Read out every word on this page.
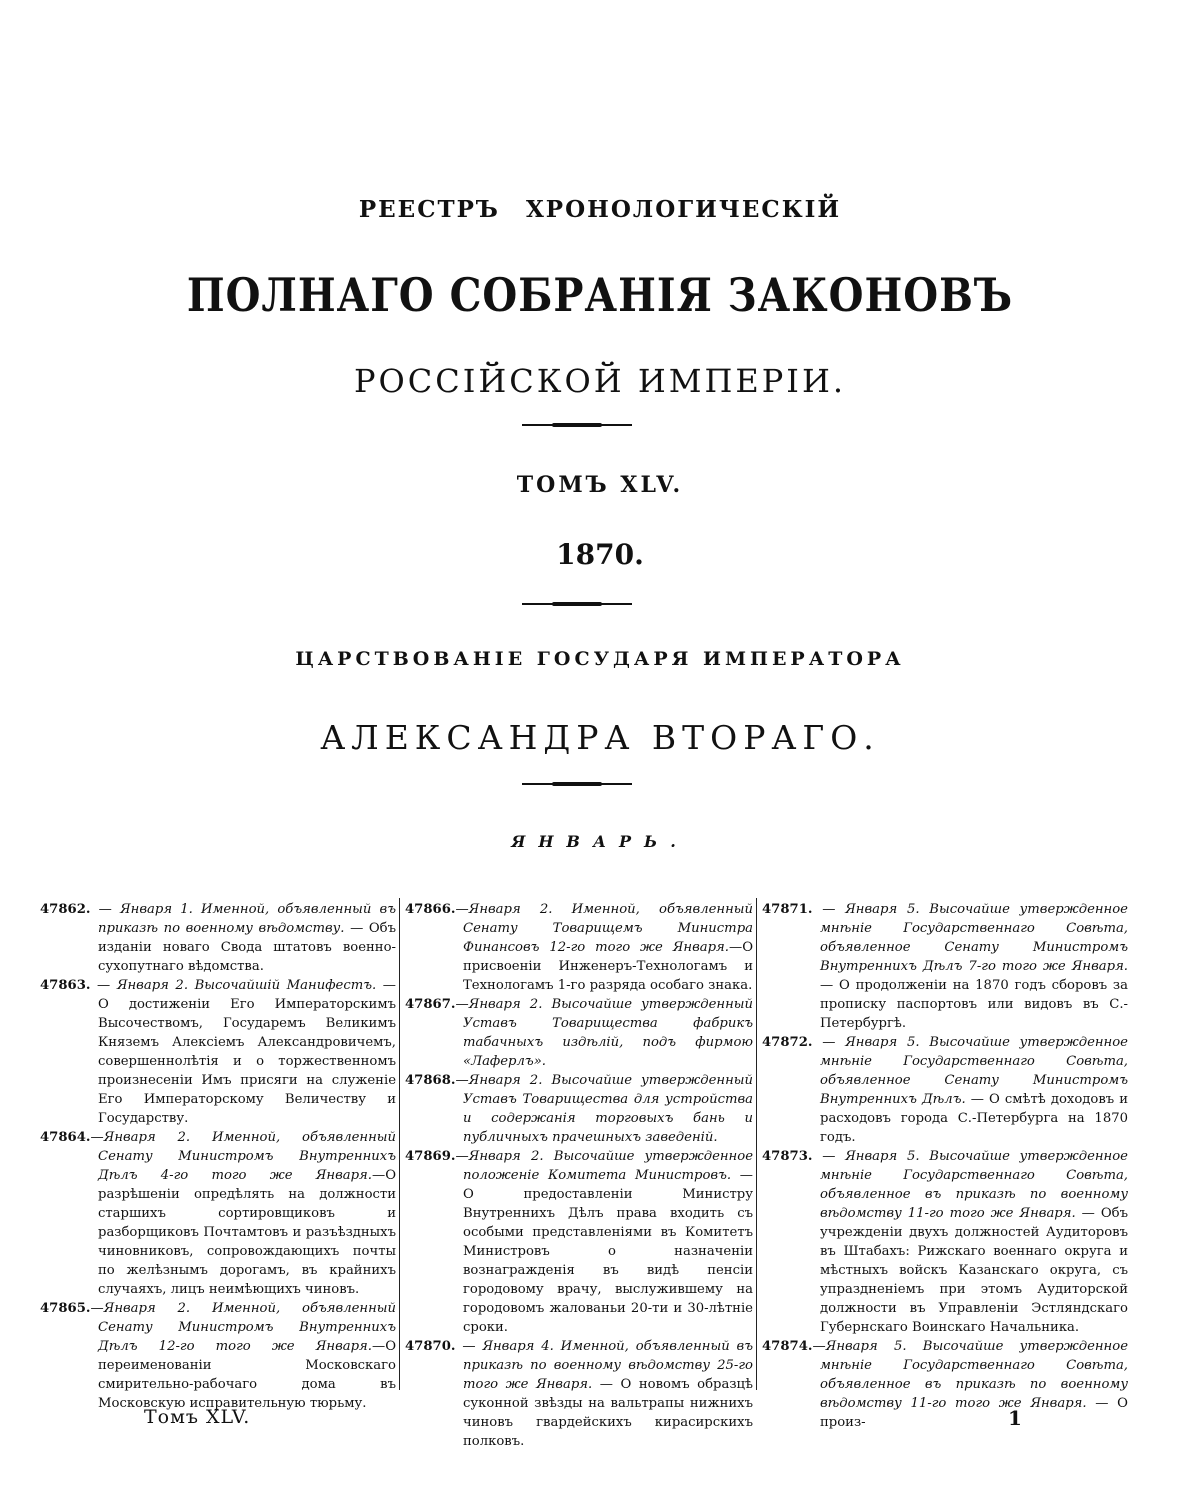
РЕЕСТРЪ ХРОНОЛОГИЧЕСКІЙ
ПОЛНАГО СОБРАНІЯ ЗАКОНОВЪ
РОССІЙСКОЙ ИМПЕРІИ.
ТОМЪ XLV.
1870.
ЦАРСТВОВАНІЕ ГОСУДАРЯ ИМПЕРАТОРА
АЛЕКСАНДРА ВТОРАГО.
ЯНВАРЬ.

47862. — Января 1. Именной, объявленный въ приказѣ по военному вѣдомству. — Объ изданіи новаго Свода штатовъ военно-сухопутнаго вѣдомства.

47863. — Января 2. Высочайшій Манифестъ. — О достиженіи Его Императорскимъ Высочествомъ, Государемъ Великимъ Княземъ Алексіемъ Александровичемъ, совершеннолѣтія и о торжественномъ произнесеніи Имъ присяги на служеніе Его Императорскому Величеству и Государству.

47864.—Января 2. Именной, объявленный Сенату Министромъ Внутреннихъ Дѣлъ 4-го того же Января.—О разрѣшеніи опредѣлять на должности старшихъ сортировщиковъ и разборщиковъ Почтамтовъ и разъѣздныхъ чиновниковъ, сопровождающихъ почты по желѣзнымъ дорогамъ, въ крайнихъ случаяхъ, лицъ неимѣющихъ чиновъ.

47865.—Января 2. Именной, объявленный Сенату Министромъ Внутреннихъ Дѣлъ 12-го того же Января.—О переименованіи Московскаго смирительно-рабочаго дома въ Московскую исправительную тюрьму.

47866.—Января 2. Именной, объявленный Сенату Товарищемъ Министра Финансовъ 12-го того же Января.—О присвоеніи Инженеръ-Технологамъ и Технологамъ 1-го разряда особаго знака.

47867.—Января 2. Высочайше утвержденный Уставъ Товарищества фабрикъ табачныхъ издѣлій, подъ фирмою «Лаферлъ».

47868.—Января 2. Высочайше утвержденный Уставъ Товарищества для устройства и содержанія торговыхъ бань и публичныхъ прачешныхъ заведеній.

47869.—Января 2. Высочайше утвержденное положеніе Комитета Министровъ. — О предоставленіи Министру Внутреннихъ Дѣлъ права входить съ особыми представленіями въ Комитетъ Министровъ о назначеніи вознагражденія въ видѣ пенсіи городовому врачу, выслужившему на городовомъ жалованьи 20-ти и 30-лѣтніе сроки.

47870. — Января 4. Именной, объявленный въ приказѣ по военному вѣдомству 25-го того же Января. — О новомъ образцѣ суконной звѣзды на вальтрапы нижнихъ чиновъ гвардейскихъ кирасирскихъ полковъ.

47871. — Января 5. Высочайше утвержденное мнѣніе Государственнаго Совѣта, объявленное Сенату Министромъ Внутреннихъ Дѣлъ 7-го того же Января. — О продолженіи на 1870 годъ сборовъ за прописку паспортовъ или видовъ въ С.-Петербургѣ.

47872. — Января 5. Высочайше утвержденное мнѣніе Государственнаго Совѣта, объявленное Сенату Министромъ Внутреннихъ Дѣлъ. — О смѣтѣ доходовъ и расходовъ города С.-Петербурга на 1870 годъ.

47873. — Января 5. Высочайше утвержденное мнѣніе Государственнаго Совѣта, объявленное въ приказѣ по военному вѣдомству 11-го того же Января. — Объ учрежденіи двухъ должностей Аудиторовъ въ Штабахъ: Рижскаго военнаго округа и мѣстныхъ войскъ Казанскаго округа, съ упраздненіемъ при этомъ Аудиторской должности въ Управленіи Эстляндскаго Губернскаго Воинскаго Начальника.

47874.—Января 5. Высочайше утвержденное мнѣніе Государственнаго Совѣта, объявленное въ приказѣ по военному вѣдомству 11-го того же Января. — О произ-

Томъ XLV.	1
